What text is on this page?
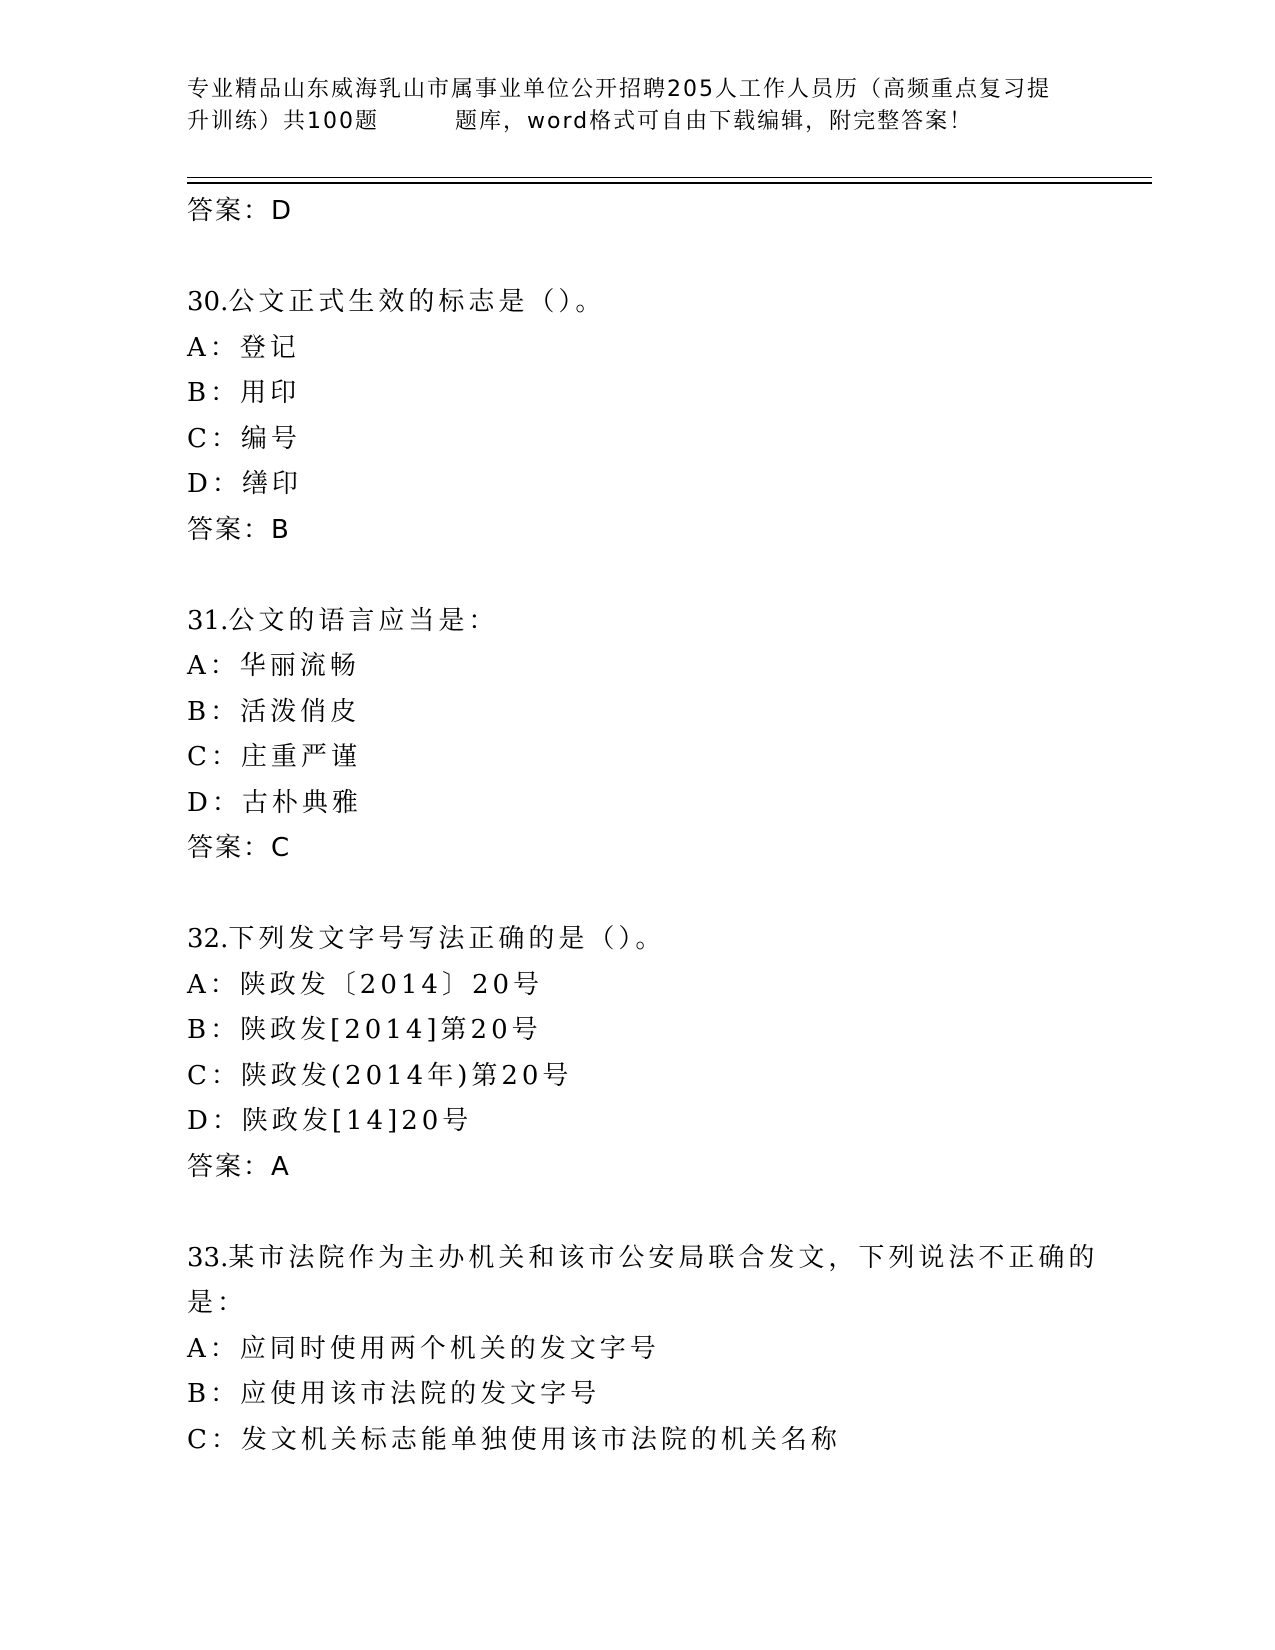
专业精品山东威海乳山市属事业单位公开招聘205人工作人员历（高频重点复习提
升训练）共100题	题库，word格式可自由下载编辑，附完整答案！
答案：D
30.公文正式生效的标志是（）。
A：登记
B：用印
C：编号
D：缮印
答案：B
31.公文的语言应当是：
A：华丽流畅
B：活泼俏皮
C：庄重严谨
D：古朴典雅
答案：C
32.下列发文字号写法正确的是（）。
A：陕政发〔2014〕20号
B：陕政发[2014]第20号
C：陕政发(2014年)第20号
D：陕政发[14]20号
答案：A
33.某市法院作为主办机关和该市公安局联合发文，下列说法不正确的
是：
A：应同时使用两个机关的发文字号
B：应使用该市法院的发文字号
C：发文机关标志能单独使用该市法院的机关名称
